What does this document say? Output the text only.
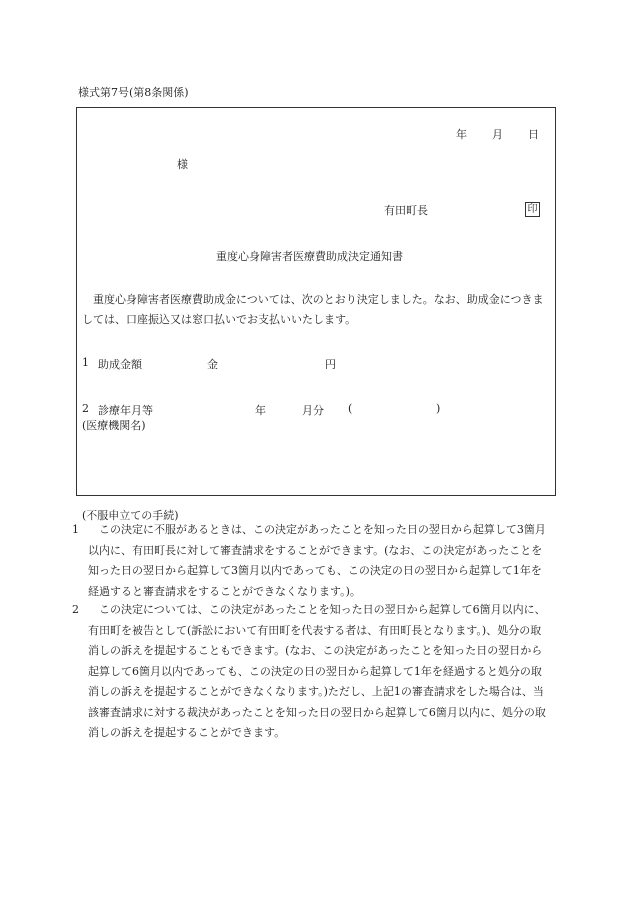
様式第7号(第8条関係)
年 月 日
様
有田町長	印
重度心身障害者医療費助成決定通知書
重度心身障害者医療費助成金については、次のとおり決定しました。なお、助成金につきましては、口座振込又は窓口払いでお支払いいたします。
1 助成金額	金	円
2 診療年月等	年	月分 (	)
(医療機関名)
(不服申立ての手続)
1	この決定に不服があるときは、この決定があったことを知った日の翌日から起算して3箇月以内に、有田町長に対して審査請求をすることができます。(なお、この決定があったことを知った日の翌日から起算して3箇月以内であっても、この決定の日の翌日から起算して1年を経過すると審査請求をすることができなくなります。)。
2	この決定については、この決定があったことを知った日の翌日から起算して6箇月以内に、有田町を被告として(訴訟において有田町を代表する者は、有田町長となります。)、処分の取消しの訴えを提起することもできます。(なお、この決定があったことを知った日の翌日から起算して6箇月以内であっても、この決定の日の翌日から起算して1年を経過すると処分の取消しの訴えを提起することができなくなります。)ただし、上記1の審査請求をした場合は、当該審査請求に対する裁決があったことを知った日の翌日から起算して6箇月以内に、処分の取消しの訴えを提起することができます。
